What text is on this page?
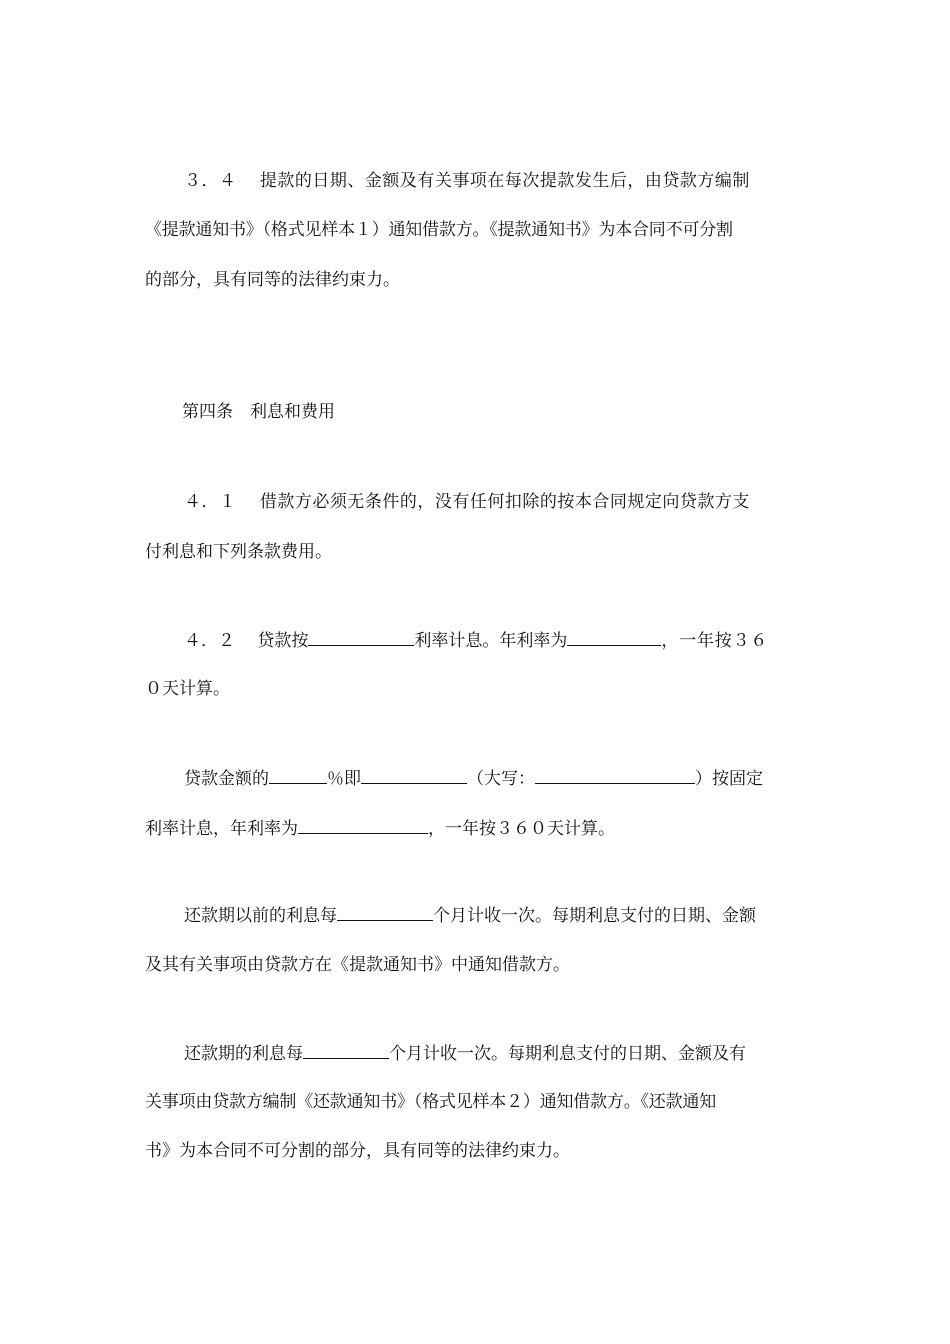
３．４　 提款的日期、金额及有关事项在每次提款发生后，由贷款方编制
《提款通知书》（格式见样本１）通知借款方。《提款通知书》为本合同不可分割
的部分，具有同等的法律约束力。
第四条　利息和费用
４．１　 借款方必须无条件的，没有任何扣除的按本合同规定向贷款方支
付利息和下列条款费用。
４．２　 贷款按	利率计息。年利率为	，一年按３６
０天计算。
贷款金额的	％即	（大写：	）按固定
利率计息，年利率为	，一年按３６０天计算。
还款期以前的利息每	个月计收一次。每期利息支付的日期、金额
及其有关事项由贷款方在《提款通知书》中通知借款方。
还款期的利息每	个月计收一次。每期利息支付的日期、金额及有
关事项由贷款方编制《还款通知书》（格式见样本２）通知借款方。《还款通知
书》为本合同不可分割的部分，具有同等的法律约束力。
